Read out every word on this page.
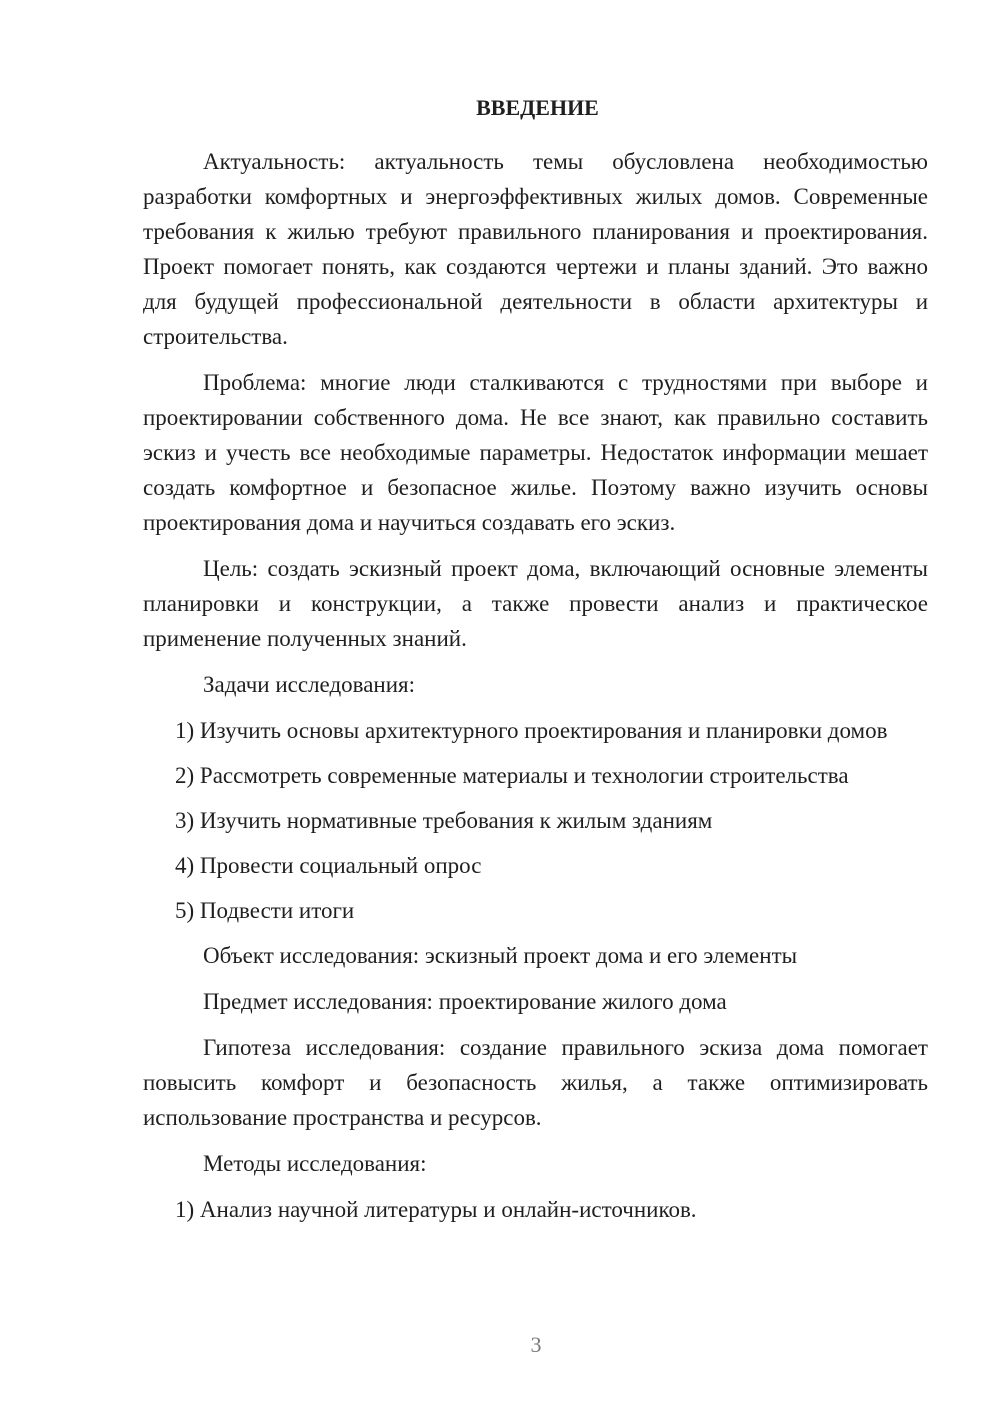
ВВЕДЕНИЕ

Актуальность: актуальность темы обусловлена необходимостью разработки комфортных и энергоэффективных жилых домов. Современные требования к жилью требуют правильного планирования и проектирования. Проект помогает понять, как создаются чертежи и планы зданий. Это важно для будущей профессиональной деятельности в области архитектуры и строительства.

Проблема: многие люди сталкиваются с трудностями при выборе и проектировании собственного дома. Не все знают, как правильно составить эскиз и учесть все необходимые параметры. Недостаток информации мешает создать комфортное и безопасное жилье. Поэтому важно изучить основы проектирования дома и научиться создавать его эскиз.

Цель: создать эскизный проект дома, включающий основные элементы планировки и конструкции, а также провести анализ и практическое применение полученных знаний.

Задачи исследования:

1) Изучить основы архитектурного проектирования и планировки домов

2) Рассмотреть современные материалы и технологии строительства

3) Изучить нормативные требования к жилым зданиям

4) Провести социальный опрос

5) Подвести итоги

Объект исследования: эскизный проект дома и его элементы

Предмет исследования: проектирование жилого дома

Гипотеза исследования: создание правильного эскиза дома помогает повысить комфорт и безопасность жилья, а также оптимизировать использование пространства и ресурсов.

Методы исследования:

1) Анализ научной литературы и онлайн-источников.

3
